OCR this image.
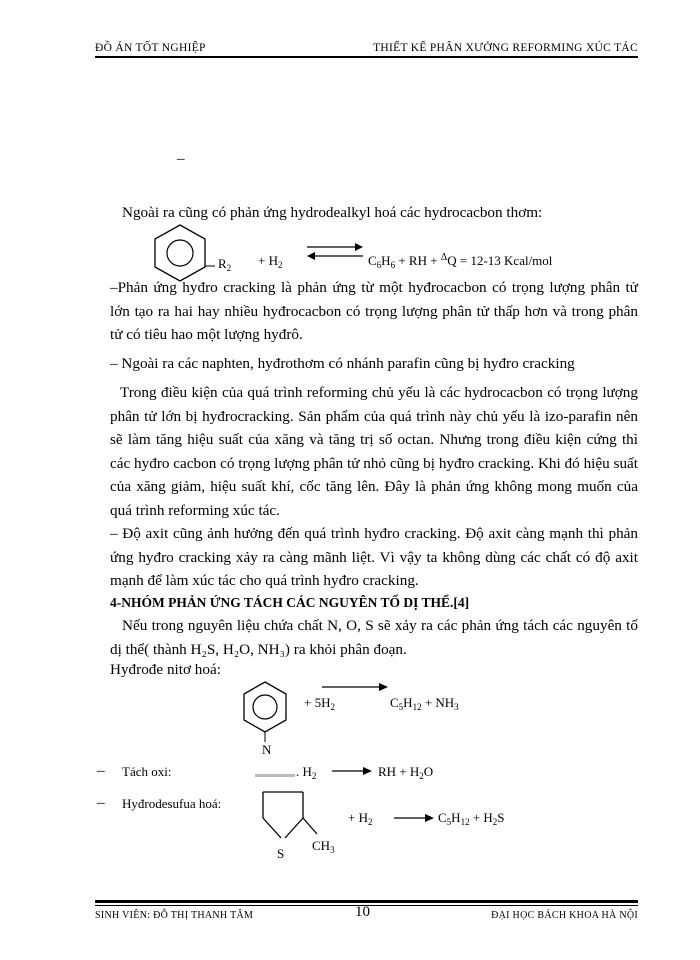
ĐỒ ÁN TỐT NGHIỆP	THIẾT KẾ PHÂN XƯỞNG REFORMING XÚC TÁC
–
Ngoài ra cũng có phản ứng hydrodealkyl hoá các hydrocacbon thơm:
$R_2 + H_2$ ⇌ $C_6H_6$ + RH + $^\Delta$Q = 12-13 Kcal/mol
–Phản ứng hyđro cracking là phản ứng từ một hyđrocacbon có trọng lượng phân tử lớn tạo ra hai hay nhiều hyđrocacbon có trọng lượng phân tử thấp hơn và trong phân tử có tiêu hao một lượng hyđrô.
– Ngoài ra các naphten, hyđrothơm có nhánh parafin cũng bị hyđro cracking
Trong điều kiện của quá trình reforming chủ yếu là các hydrocacbon có trọng lượng phân tử lớn bị hyđrocracking. Sản phẩm của quá trình này chủ yếu là izo-parafin nên sẽ làm tăng hiệu suất của xăng và tăng trị số octan. Nhưng trong điều kiện cứng thì các hyđro cacbon có trọng lượng phân tử nhỏ cũng bị hyđro cracking. Khi đó hiệu suất của xăng giảm, hiệu suất khí, cốc tăng lên. Đây là phản ứng không mong muốn của quá trình reforming xúc tác.
– Độ axit cũng ảnh hưởng đến quá trình hyđro cracking. Độ axit càng mạnh thì phản ứng hyđro cracking xảy ra càng mãnh liệt. Vì vậy ta không dùng các chất có độ axit mạnh để làm xúc tác cho quá trình hyđro cracking.
4-NHÓM PHẢN ỨNG TÁCH CÁC NGUYÊN TỐ DỊ THỂ.[4]
Nếu trong nguyên liệu chứa chất N, O, S sẽ xảy ra các phản ứng tách các nguyên tố dị thể( thành H₂S, H₂O, NH₃) ra khỏi phân đoạn.
Hyđrođe nitơ hoá:
N
+ $5H_2$	$C_5H_{12} + NH_3$
– Tách oxi:	. $H_2$	RH + $H_2O$
– Hyđrodesufua hoá:
S
$CH_3$
+ $H_2$	$C_5H_{12} + H_2S$
SINH VIÊN: ĐỖ THỊ THANH TÂM	10	ĐẠI HỌC BÁCH KHOA HÀ NỘI
